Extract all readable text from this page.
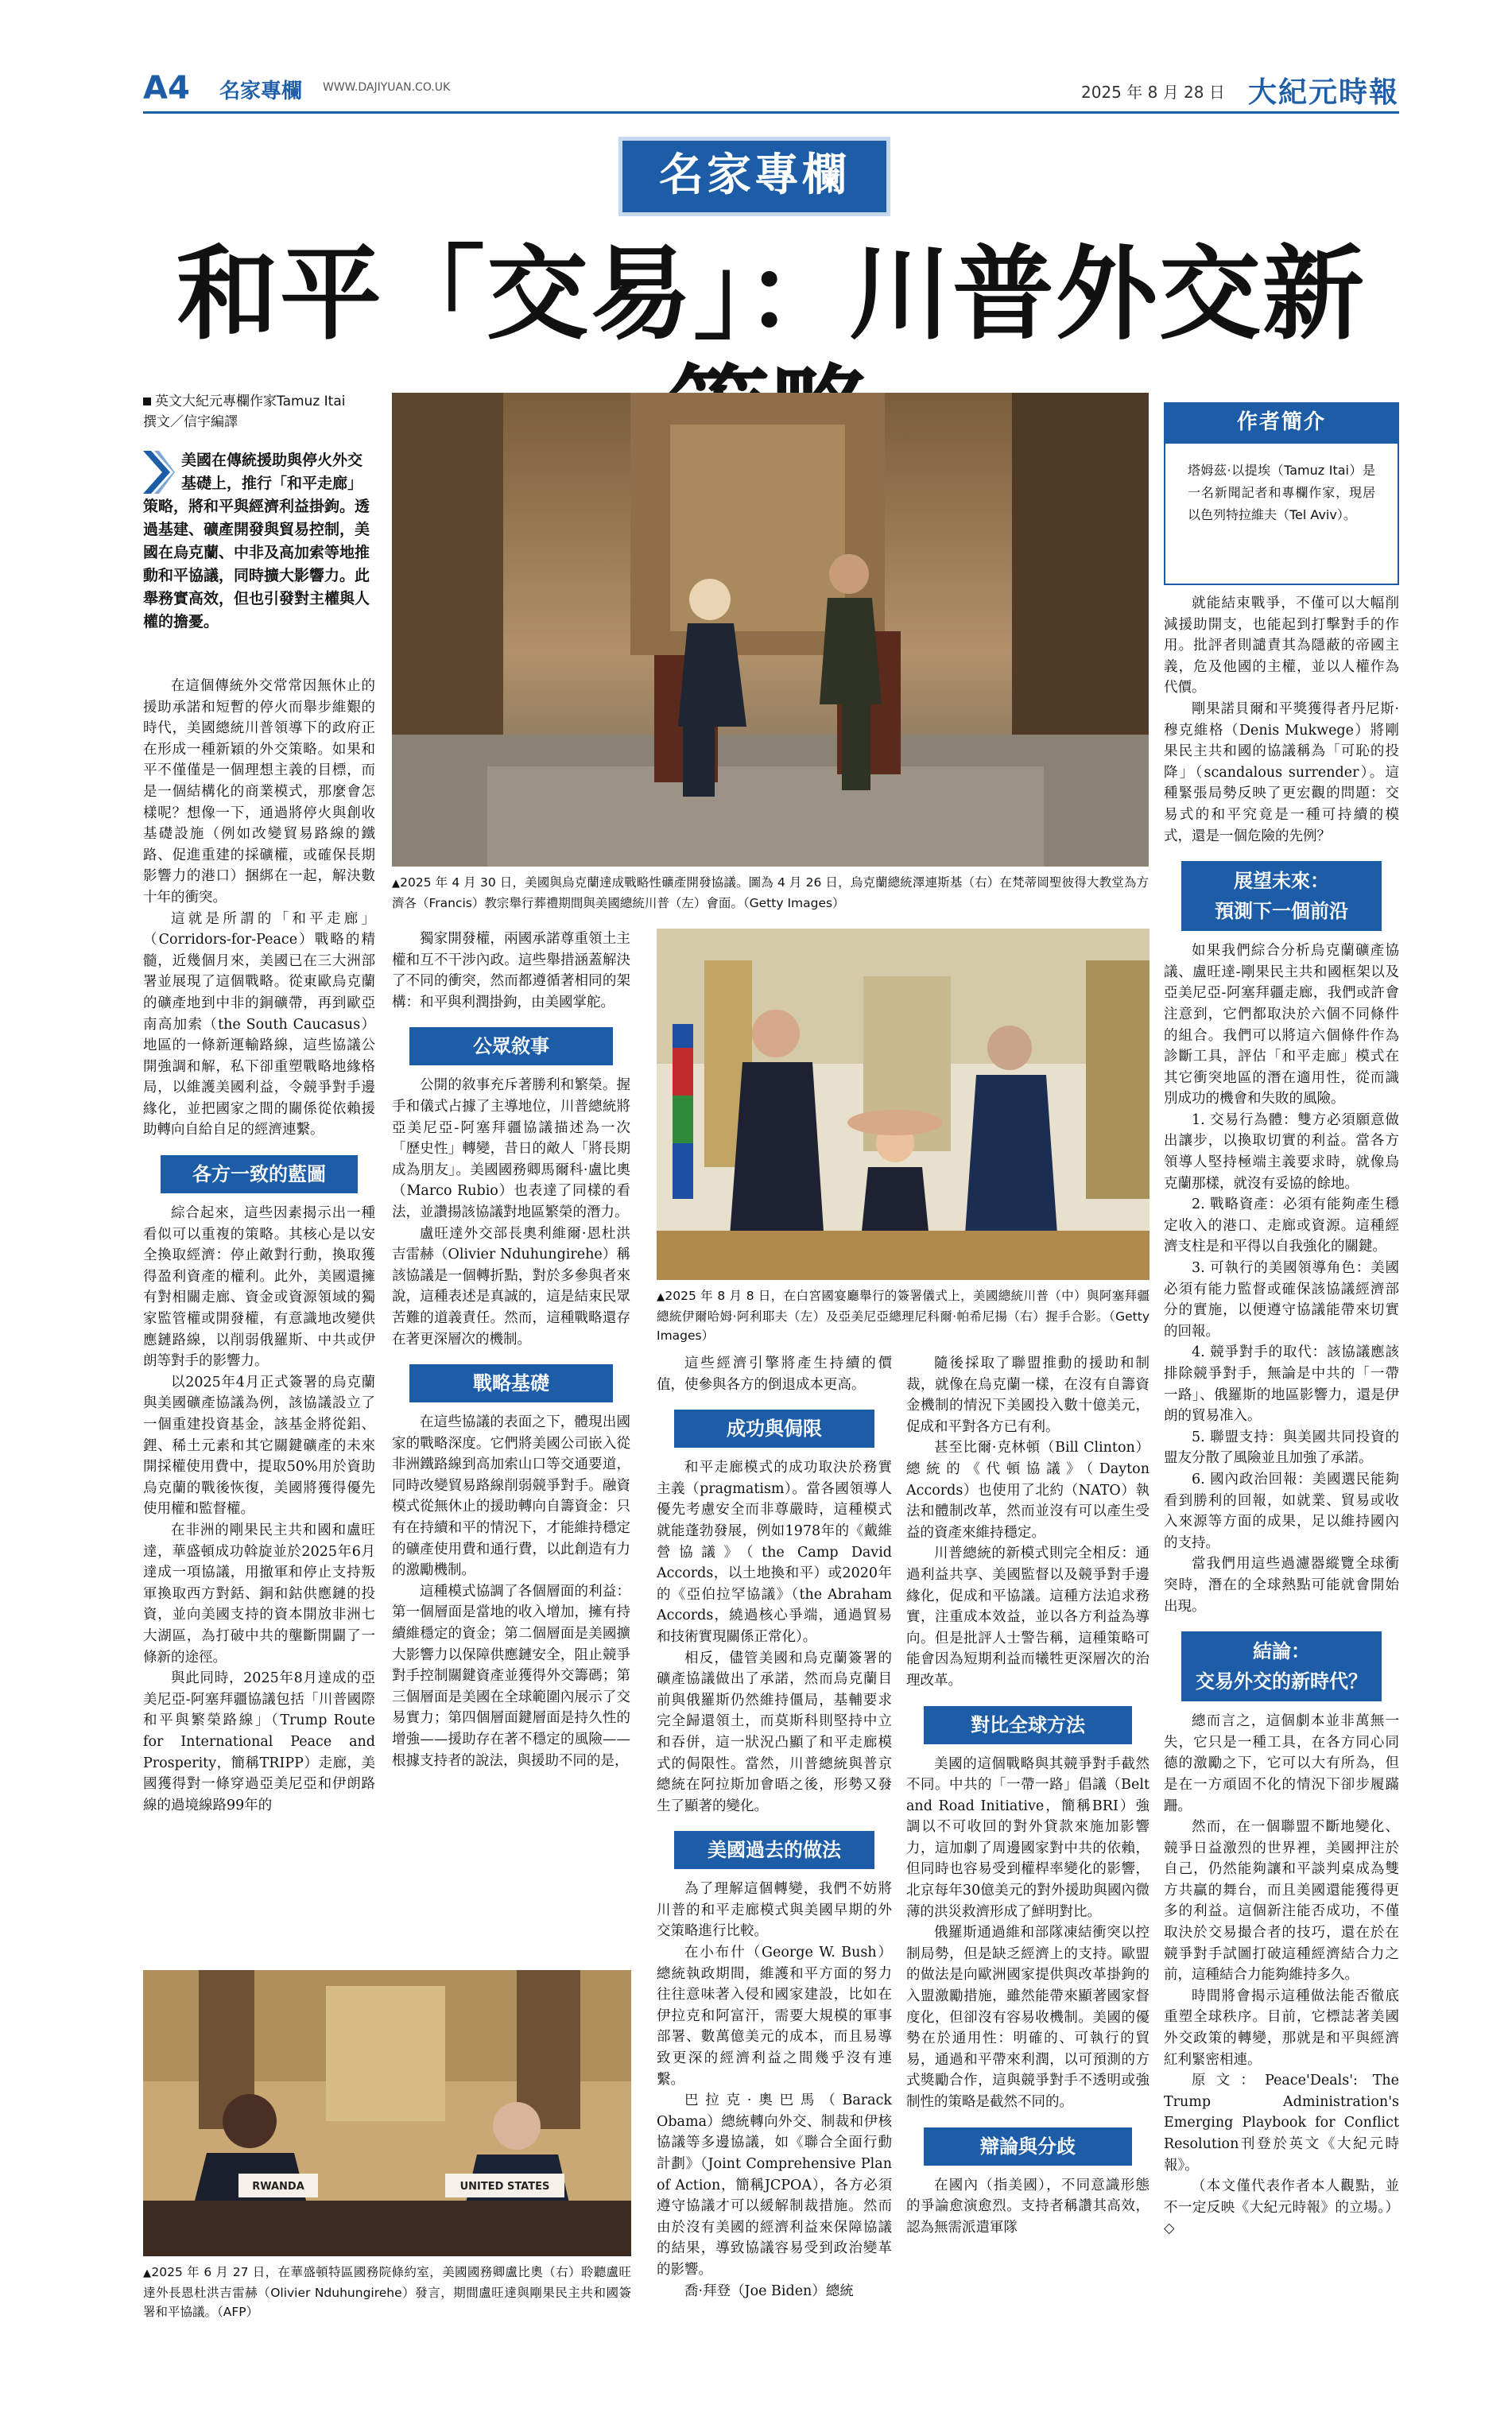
A4 名家專欄 WWW.DAJIYUAN.CO.UK	2025 年 8 月 28 日 大紀元時報
名家專欄
和平「交易」：川普外交新
英文大紀元專欄作家Tamuz Itai
撰文／信宇編譯
美國在傳統援助與停火外交基礎上，推行「和平走廊」策略，將和平與經濟利益掛鉤。透過基建、礦產開發與貿易控制，美國在烏克蘭、中非及高加索等地推動和平協議，同時擴大影響力。此舉務實高效，但也引發對主權與人權的擔憂。

在這個傳統外交常常因無休止的援助承諾和短暫的停火而舉步維艱的時代，美國總統川普領導下的政府正在形成一種新穎的外交策略。如果和平不僅僅是一個理想主義的目標，而是一個結構化的商業模式，那麼會怎樣呢？想像一下，通過將停火與創收基礎設施（例如改變貿易路線的鐵路、促進重建的採礦權，或確保長期影響力的港口）捆綁在一起，解決數十年的衝突。

這就是所謂的「和平走廊」（Corridors-for-Peace）戰略的精髓，近幾個月來，美國已在三大洲部署並展現了這個戰略。從東歐烏克蘭的礦產地到中非的銅礦帶，再到歐亞南高加索（the South Caucasus）地區的一條新運輸路線，這些協議公開強調和解，私下卻重塑戰略地緣格局，以維護美國利益，令競爭對手邊緣化，並把國家之間的關係從依賴援助轉向自給自足的經濟連繫。

各方一致的藍圖

綜合起來，這些因素揭示出一種看似可以重複的策略。其核心是以安全換取經濟：停止敵對行動，換取獲得盈利資產的權利。此外，美國還擁有對相關走廊、資金或資源領域的獨家監管權或開發權，有意識地改變供應鏈路線，以削弱俄羅斯、中共或伊朗等對手的影響力。

以2025年4月正式簽署的烏克蘭與美國礦產協議為例，該協議設立了一個重建投資基金，該基金將從鋁、鋰、稀土元素和其它關鍵礦產的未來開採權使用費中，提取50%用於資助烏克蘭的戰後恢復，美國將獲得優先使用權和監督權。

在非洲的剛果民主共和國和盧旺達，華盛頓成功斡旋並於2025年6月達成一項協議，用撤軍和停止支持叛軍換取西方對銛、銅和鈷供應鏈的投資，並向美國支持的資本開放非洲七大湖區，為打破中共的壟斷開闢了一條新的途徑。

與此同時，2025年8月達成的亞美尼亞-阿塞拜疆協議包括「川普國際和平與繁榮路線」（Trump Route for International Peace and Prosperity，簡稱TRIPP）走廊，美國獲得對一條穿過亞美尼亞和伊朗路線的過境線路99年的

▲2025 年 4 月 30 日，美國與烏克蘭達成戰略性礦產開發協議。圖為 4 月 26 日，烏克蘭總統澤連斯基（右）在梵蒂岡聖彼得大教堂為方濟各（Francis）教宗舉行葬禮期間與美國總統川普（左）會面。（Getty Images）

獨家開發權，兩國承諾尊重領土主權和互不干涉內政。這些舉措涵蓋解決了不同的衝突，然而都遵循著相同的架構：和平與利潤掛鉤，由美國掌舵。

公眾敘事

公開的敘事充斥著勝利和繁榮。握手和儀式占據了主導地位，川普總統將亞美尼亞-阿塞拜疆協議描述為一次「歷史性」轉變，昔日的敵人「將長期成為朋友」。美國國務卿馬爾科·盧比奧（Marco Rubio）也表達了同樣的看法，並讚揚該協議對地區繁榮的潛力。

盧旺達外交部長奧利維爾·恩杜洪吉雷赫（Olivier Nduhungirehe）稱該協議是一個轉折點，對於多參與者來說，這種表述是真誠的，這是結束民眾苦難的道義責任。然而，這種戰略還存在著更深層次的機制。

戰略基礎

在這些協議的表面之下，體現出國家的戰略深度。它們將美國公司嵌入從非洲鐵路線到高加索山口等交通要道，同時改變貿易路線削弱競爭對手。融資模式從無休止的援助轉向自籌資金：只有在持續和平的情況下，才能維持穩定的礦產使用費和通行費，以此創造有力的激勵機制。

這種模式協調了各個層面的利益：第一個層面是當地的收入增加，擁有持續維穩定的資金；第二個層面是美國擴大影響力以保障供應鏈安全，阻止競爭對手控制關鍵資產並獲得外交籌碼；第三個層面是美國在全球範圍內展示了交易實力；第四個層面鍵層面是持久性的增強——援助存在著不穩定的風險——根據支持者的說法，與援助不同的是，

▲2025 年 8 月 8 日，在白宮國宴廳舉行的簽署儀式上，美國總統川普（中）與阿塞拜疆總統伊爾哈姆·阿利耶夫（左）及亞美尼亞總理尼科爾·帕希尼揚（右）握手合影。（Getty Images）

這些經濟引擎將產生持續的價值，使參與各方的倒退成本更高。

成功與侷限

和平走廊模式的成功取決於務實主義（pragmatism）。當各國領導人優先考慮安全而非尊嚴時，這種模式就能蓬勃發展，例如1978年的《戴維營協議》（the Camp David Accords，以土地換和平）或2020年的《亞伯拉罕協議》（the Abraham Accords，繞過核心爭端，通過貿易和技術實現關係正常化）。

相反，儘管美國和烏克蘭簽署的礦產協議做出了承諾，然而烏克蘭目前與俄羅斯仍然維持僵局，基輔要求完全歸還領土，而莫斯科則堅持中立和吞併，這一狀況凸顯了和平走廊模式的侷限性。當然，川普總統與普京總統在阿拉斯加會晤之後，形勢又發生了顯著的變化。

美國過去的做法

為了理解這個轉變，我們不妨將川普的和平走廊模式與美國早期的外交策略進行比較。

在小布什（George W. Bush）總統執政期間，維護和平方面的努力往往意味著入侵和國家建設，比如在伊拉克和阿富汗，需要大規模的軍事部署、數萬億美元的成本，而且易導致更深的經濟利益之間幾乎沒有連繫。

巴拉克·奧巴馬（Barack Obama）總統轉向外交、制裁和伊核協議等多邊協議，如《聯合全面行動計劃》（Joint Comprehensive Plan of Action，簡稱JCPOA），各方必須遵守協議才可以緩解制裁措施。然而由於沒有美國的經濟利益來保障協議的結果，導致協議容易受到政治變革的影響。

喬·拜登（Joe Biden）總統

隨後採取了聯盟推動的援助和制裁，就像在烏克蘭一樣，在沒有自籌資金機制的情況下美國投入數十億美元，促成和平對各方已有利。

甚至比爾·克林頓（Bill Clinton）總統的《代頓協議》（Dayton Accords）也使用了北約（NATO）執法和體制改革，然而並沒有可以產生受益的資產來維持穩定。

川普總統的新模式則完全相反：通過利益共享、美國監督以及競爭對手邊緣化，促成和平協議。這種方法追求務實，注重成本效益，並以各方利益為導向。但是批評人士警告稱，這種策略可能會因為短期利益而犧牲更深層次的治理改革。

對比全球方法

美國的這個戰略與其競爭對手截然不同。中共的「一帶一路」倡議（Belt and Road Initiative，簡稱BRI）強調以不可收回的對外貸款來施加影響力，這加劇了周邊國家對中共的依賴，但同時也容易受到權桿率變化的影響，北京每年30億美元的對外援助與國內微薄的洪災救濟形成了鮮明對比。

俄羅斯通過維和部隊凍結衝突以控制局勢，但是缺乏經濟上的支持。歐盟的做法是向歐洲國家提供與改革掛鉤的入盟激勵措施，雖然能帶來顯著國家督度化，但卻沒有容易收機制。美國的優勢在於通用性：明確的、可執行的貿易，通過和平帶來利潤，以可預測的方式獎勵合作，這與競爭對手不透明或強制性的策略是截然不同的。

辯論與分歧

在國內（指美國），不同意識形態的爭論愈演愈烈。支持者稱讚其高效，認為無需派遣軍隊

RWANDA	UNITED STATES
▲2025 年 6 月 27 日，在華盛頓特區國務院條約室，美國國務卿盧比奧（右）聆聽盧旺達外長恩杜洪吉雷赫（Olivier Nduhungirehe）發言，期間盧旺達與剛果民主共和國簽署和平協議。（AFP）
作者簡介
塔姆茲·以提埃（Tamuz Itai）是一名新聞記者和專欄作家，現居以色列特拉維夫（Tel Aviv）。

就能結束戰爭，不僅可以大幅削減援助開支，也能起到打擊對手的作用。批評者則譴責其為隱蔽的帝國主義，危及他國的主權，並以人權作為代價。

剛果諾貝爾和平獎獲得者丹尼斯·穆克維格（Denis Mukwege）將剛果民主共和國的協議稱為「可恥的投降」（scandalous surrender）。這種緊張局勢反映了更宏觀的問題：交易式的和平究竟是一種可持續的模式，還是一個危險的先例？

展望未來：
預測下一個前沿

如果我們綜合分析烏克蘭礦產協議、盧旺達-剛果民主共和國框架以及亞美尼亞-阿塞拜疆走廊，我們或許會注意到，它們都取決於六個不同條件的組合。我們可以將這六個條件作為診斷工具，評估「和平走廊」模式在其它衝突地區的潛在適用性，從而識別成功的機會和失敗的風險。

1. 交易行為體：雙方必須願意做出讓步，以換取切實的利益。當各方領導人堅持極端主義要求時，就像烏克蘭那樣，就沒有妥協的餘地。

2. 戰略資產：必須有能夠產生穩定收入的港口、走廊或資源。這種經濟支柱是和平得以自我強化的關鍵。

3. 可執行的美國領導角色：美國必須有能力監督或確保該協議經濟部分的實施，以便遵守協議能帶來切實的回報。

4. 競爭對手的取代：該協議應該排除競爭對手，無論是中共的「一帶一路」、俄羅斯的地區影響力，還是伊朗的貿易准入。

5. 聯盟支持：與美國共同投資的盟友分散了風險並且加強了承諾。

6. 國內政治回報：美國選民能夠看到勝利的回報，如就業、貿易或收入來源等方面的成果，足以維持國內的支持。

當我們用這些過濾器縱覽全球衝突時，潛在的全球熱點可能就會開始出現。

結論：
交易外交的新時代？

總而言之，這個劇本並非萬無一失，它只是一種工具，在各方同心同德的激勵之下，它可以大有所為，但是在一方頑固不化的情況下卻步履蹣跚。

然而，在一個聯盟不斷地變化、競爭日益激烈的世界裡，美國押注於自己，仍然能夠讓和平談判桌成為雙方共贏的舞台，而且美國還能獲得更多的利益。這個新注能否成功，不僅取決於交易撮合者的技巧，還在於在競爭對手試圖打破這種經濟結合力之前，這種結合力能夠維持多久。

時間將會揭示這種做法能否徹底重塑全球秩序。目前，它標誌著美國外交政策的轉變，那就是和平與經濟紅利緊密相連。

原文：Peace'Deals': The Trump Administration's Emerging Playbook for Conflict Resolution刊登於英文《大紀元時報》。

（本文僅代表作者本人觀點，並不一定反映《大紀元時報》的立場。）◇
